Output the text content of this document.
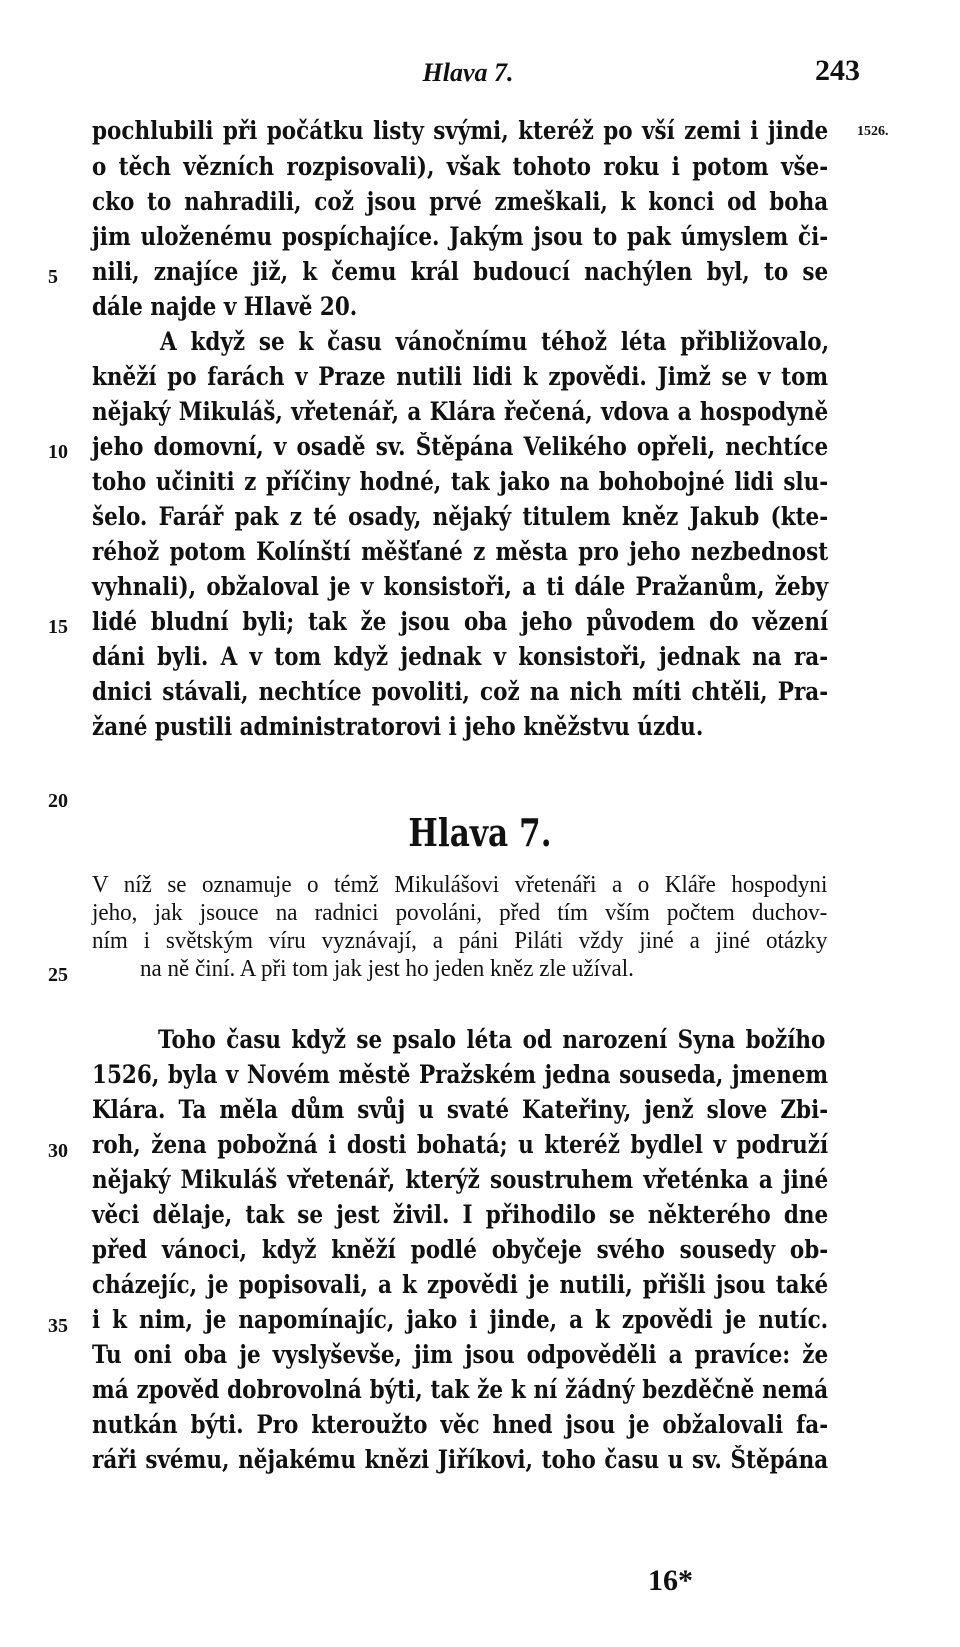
Hlava 7.	243
1526.
pochlubili při počátku listy svými, kteréž po vší zemi i jinde
o těch vězních rozpisovali), však tohoto roku i potom vše-
cko to nahradili, což jsou prvé zmeškali, k konci od boha
jim uloženému pospíchajíce. Jakým jsou to pak úmyslem či-
nili, znajíce již, k čemu král budoucí nachýlen byl, to se
dále najde v Hlavě 20.
A když se k času vánočnímu téhož léta přibližovalo,
kněží po farách v Praze nutili lidi k zpovědi. Jimž se v tom
nějaký Mikuláš, vřetenář, a Klára řečená, vdova a hospodyně
jeho domovní, v osadě sv. Štěpána Velikého opřeli, nechtíce
toho učiniti z příčiny hodné, tak jako na bohobojné lidi slu-
šelo. Farář pak z té osady, nějaký titulem kněz Jakub (kte-
réhož potom Kolínští měšťané z města pro jeho nezbednost
vyhnali), obžaloval je v konsistoři, a ti dále Pražanům, žeby
lidé bludní byli; tak že jsou oba jeho původem do vězení
dáni byli. A v tom když jednak v konsistoři, jednak na ra-
dnici stávali, nechtíce povoliti, což na nich míti chtěli, Pra-
žané pustili administratorovi i jeho kněžstvu úzdu.
5
10
15
20
25
30
35
Hlava 7.
V níž se oznamuje o témž Mikulášovi vřetenáři a o Kláře hospodyni
jeho, jak jsouce na radnici povoláni, před tím vším počtem duchov-
ním i světským víru vyznávají, a páni Piláti vždy jiné a jiné otázky
na ně činí. A při tom jak jest ho jeden kněz zle užíval.
Toho času když se psalo léta od narození Syna božího
1526, byla v Novém městě Pražském jedna souseda, jmenem
Klára. Ta měla dům svůj u svaté Kateřiny, jenž slove Zbi-
roh, žena pobožná i dosti bohatá; u kteréž bydlel v podruží
nějaký Mikuláš vřetenář, kterýž soustruhem vřeténka a jiné
věci dělaje, tak se jest živil. I přihodilo se některého dne
před vánoci, když kněží podlé obyčeje svého sousedy ob-
cházejíc, je popisovali, a k zpovědi je nutili, přišli jsou také
i k nim, je napomínajíc, jako i jinde, a k zpovědi je nutíc.
Tu oni oba je vyslyševše, jim jsou odpověděli a pravíce: že
má zpověd dobrovolná býti, tak že k ní žádný bezděčně nemá
nutkán býti. Pro kteroužto věc hned jsou je obžalovali fa-
ráři svému, nějakému knězi Jiříkovi, toho času u sv. Štěpána
16*
